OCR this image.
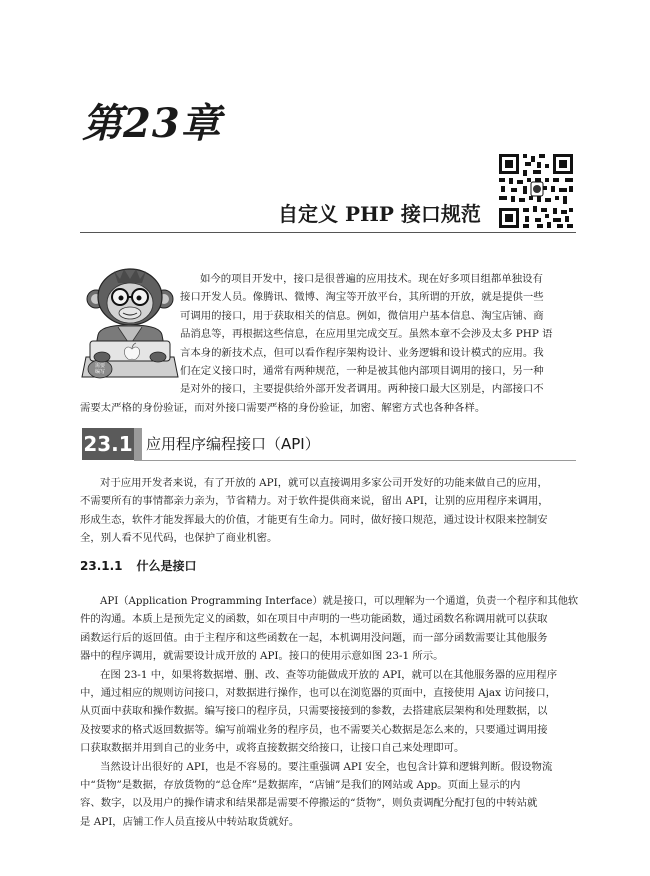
第23章
自定义 PHP 接口规范
需要
编写
如今的项目开发中，接口是很普遍的应用技术。现在好多项目组都单独设有
接口开发人员。像腾讯、微博、淘宝等开放平台，其所谓的开放，就是提供一些
可调用的接口，用于获取相关的信息。例如，微信用户基本信息、淘宝店铺、商
品消息等，再根据这些信息，在应用里完成交互。虽然本章不会涉及太多 PHP 语
言本身的新技术点，但可以看作程序架构设计、业务逻辑和设计模式的应用。我
们在定义接口时，通常有两种规范，一种是被其他内部项目调用的接口，另一种
是对外的接口，主要提供给外部开发者调用。两种接口最大区别是，内部接口不
需要太严格的身份验证，而对外接口需要严格的身份验证，加密、解密方式也各种各样。
23.1 应用程序编程接口（API）
对于应用开发者来说，有了开放的 API，就可以直接调用多家公司开发好的功能来做自己的应用，
不需要所有的事情都亲力亲为，节省精力。对于软件提供商来说，留出 API，让别的应用程序来调用，
形成生态，软件才能发挥最大的价值，才能更有生命力。同时，做好接口规范，通过设计权限来控制安
全，别人看不见代码，也保护了商业机密。
23.1.1 什么是接口
API（Application Programming Interface）就是接口，可以理解为一个通道，负责一个程序和其他软
件的沟通。本质上是预先定义的函数，如在项目中声明的一些功能函数，通过函数名称调用就可以获取
函数运行后的返回值。由于主程序和这些函数在一起，本机调用没问题，而一部分函数需要让其他服务
器中的程序调用，就需要设计成开放的 API。接口的使用示意如图 23-1 所示。
在图 23-1 中，如果将数据增、删、改、查等功能做成开放的 API，就可以在其他服务器的应用程序
中，通过相应的规则访问接口，对数据进行操作，也可以在浏览器的页面中，直接使用 Ajax 访问接口，
从页面中获取和操作数据。编写接口的程序员，只需要接接到的参数，去搭建底层架构和处理数据，以
及按要求的格式返回数据等。编写前端业务的程序员，也不需要关心数据是怎么来的，只要通过调用接
口获取数据并用到自己的业务中，或将直接数据交给接口，让接口自己来处理即可。
当然设计出很好的 API，也是不容易的。要注重强调 API 安全，也包含计算和逻辑判断。假设物流
中“货物”是数据，存放货物的“总仓库”是数据库，“店铺”是我们的网站或 App。页面上显示的内
容、数字，以及用户的操作请求和结果都是需要不停搬运的“货物”，则负责调配分配打包的中转站就
是 API，店铺工作人员直接从中转站取货就好。
